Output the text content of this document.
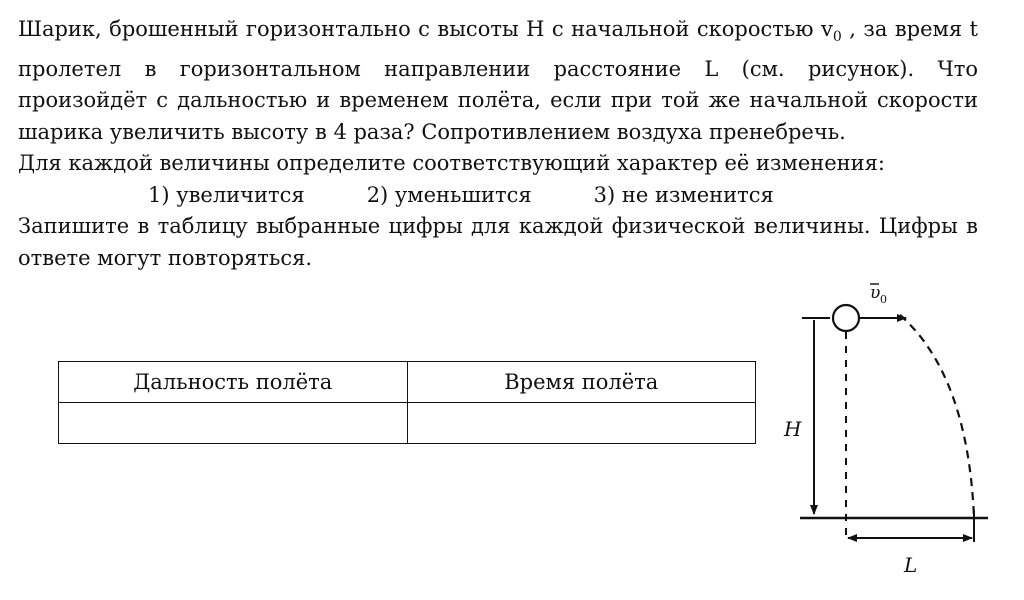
Шарик, брошенный горизонтально с высоты H с начальной скоростью $v_0$ , за время t пролетел в горизонтальном направлении расстояние L (см. рисунок). Что произойдёт с дальностью и временем полёта, если при той же начальной скорости шарика увеличить высоту в 4 раза? Сопротивлением воздуха пренебречь.

Для каждой величины определите соответствующий характер её изменения:

1) увеличится	2) уменьшится	3) не изменится

Запишите в таблицу выбранные цифры для каждой физической величины. Цифры в ответе могут повторяться.

Дальность полёта	Время полёта

H
L
υ 0
